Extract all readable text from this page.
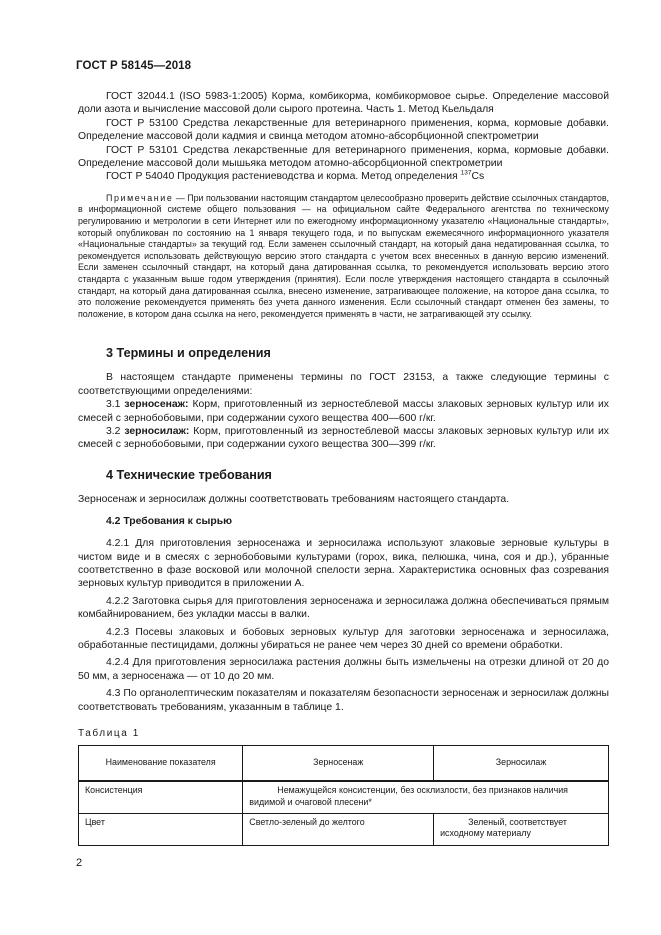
ГОСТ Р 58145—2018

ГОСТ 32044.1 (ISO 5983-1:2005) Корма, комбикорма, комбикормовое сырье. Определение массовой доли азота и вычисление массовой доли сырого протеина. Часть 1. Метод Кьельдаля

ГОСТ Р 53100 Средства лекарственные для ветеринарного применения, корма, кормовые добавки. Определение массовой доли кадмия и свинца методом атомно-абсорбционной спектрометрии

ГОСТ Р 53101 Средства лекарственные для ветеринарного применения, корма, кормовые добавки. Определение массовой доли мышьяка методом атомно-абсорбционной спектрометрии

ГОСТ Р 54040 Продукция растениеводства и корма. Метод определения $^{137}$Cs

Примечание — При пользовании настоящим стандартом целесообразно проверить действие ссылочных стандартов, в информационной системе общего пользования — на официальном сайте Федерального агентства по техническому регулированию и метрологии в сети Интернет или по ежегодному информационному указателю «Национальные стандарты», который опубликован по состоянию на 1 января текущего года, и по выпускам ежемесячного информационного указателя «Национальные стандарты» за текущий год. Если заменен ссылочный стандарт, на который дана недатированная ссылка, то рекомендуется использовать действующую версию этого стандарта с учетом всех внесенных в данную версию изменений. Если заменен ссылочный стандарт, на который дана датированная ссылка, то рекомендуется использовать версию этого стандарта с указанным выше годом утверждения (принятия). Если после утверждения настоящего стандарта в ссылочный стандарт, на который дана датированная ссылка, внесено изменение, затрагивающее положение, на которое дана ссылка, то это положение рекомендуется применять без учета данного изменения. Если ссылочный стандарт отменен без замены, то положение, в котором дана ссылка на него, рекомендуется применять в части, не затрагивающей эту ссылку.

3 Термины и определения

В настоящем стандарте применены термины по ГОСТ 23153, а также следующие термины с соответствующими определениями:

3.1 зерносенаж: Корм, приготовленный из зерностеблевой массы злаковых зерновых культур или их смесей с зернобобовыми, при содержании сухого вещества 400—600 г/кг.

3.2 зерносилаж: Корм, приготовленный из зерностеблевой массы злаковых зерновых культур или их смесей с зернобобовыми, при содержании сухого вещества 300—399 г/кг.

4 Технические требования

Зерносенаж и зерносилаж должны соответствовать требованиям настоящего стандарта.

4.2 Требования к сырью

4.2.1 Для приготовления зерносенажа и зерносилажа используют злаковые зерновые культуры в чистом виде и в смесях с зернобобовыми культурами (горох, вика, пелюшка, чина, соя и др.), убранные соответственно в фазе восковой или молочной спелости зерна. Характеристика основных фаз созревания зерновых культур приводится в приложении А.

4.2.2 Заготовка сырья для приготовления зерносенажа и зерносилажа должна обеспечиваться прямым комбайнированием, без укладки массы в валки.

4.2.3 Посевы злаковых и бобовых зерновых культур для заготовки зерносенажа и зерносилажа, обработанные пестицидами, должны убираться не ранее чем через 30 дней со времени обработки.

4.2.4 Для приготовления зерносилажа растения должны быть измельчены на отрезки длиной от 20 до 50 мм, а зерносенажа — от 10 до 20 мм.

4.3 По органолептическим показателям и показателям безопасности зерносенаж и зерносилаж должны соответствовать требованиям, указанным в таблице 1.

Таблица 1
Наименование показателя	Зерносенаж	Зерносилаж
Консистенция	Немажущейся консистенции, без осклизлости, без признаков наличия видимой и очаговой плесени*	
Цвет	Светло-зеленый до желтого	Зеленый, соответствует исходному материалу
2
